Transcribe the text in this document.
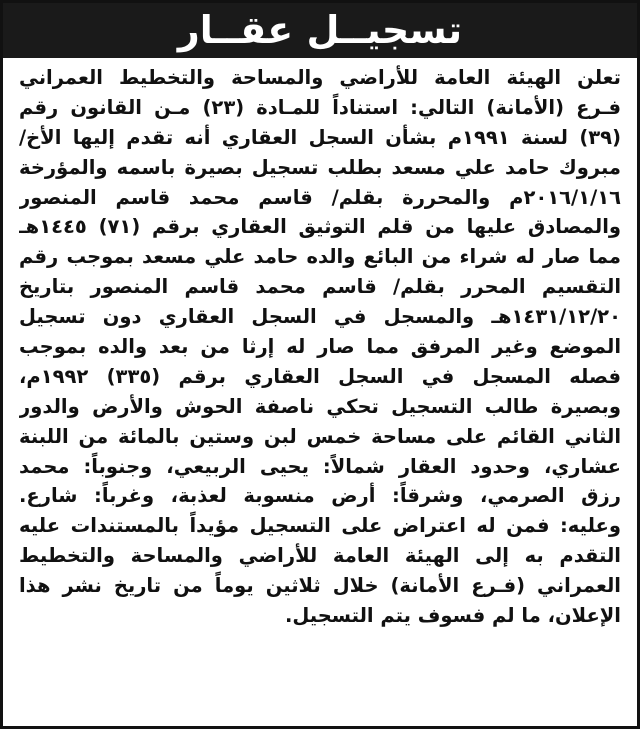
تسجيــل عقــار
تعلن الهيئة العامة للأراضي والمساحة والتخطيط العمراني
فـرع (الأمانة) التالي: استناداً للمـادة (٢٣) مـن القانون رقم
(٣٩) لسنة ١٩٩١م بشأن السجل العقاري أنه تقدم إليها الأخ/
مبروك حامد علي مسعد بطلب تسجيل بصيرة باسمه والمؤرخة
٢٠١٦/١/١٦م والمحررة بقلم/ قاسم محمد قاسم المنصور
والمصادق عليها من قلم التوثيق العقاري برقم (٧١) ١٤٤٥هـ
مما صار له شراء من البائع والده حامد علي مسعد بموجب رقم
التقسيم المحرر بقلم/ قاسم محمد قاسم المنصور بتاريخ
١٤٣١/١٢/٢٠هـ والمسجل في السجل العقاري دون تسجيل
الموضع وغير المرفق مما صار له إرثا من بعد والده بموجب
فصله المسجل في السجل العقاري برقم (٣٣٥) ١٩٩٢م،
وبصيرة طالب التسجيل تحكي ناصفة الحوش والأرض والدور
الثاني القائم على مساحة خمس لبن وستين بالمائة من اللبنة
عشاري، وحدود العقار شمالاً: يحيى الربيعي، وجنوباً: محمد
رزق الصرمي، وشرقاً: أرض منسوبة لعذبة، وغرباً: شارع.
وعليه: فمن له اعتراض على التسجيل مؤيداً بالمستندات عليه
التقدم به إلى الهيئة العامة للأراضي والمساحة والتخطيط
العمراني (فـرع الأمانة) خلال ثلاثين يوماً من تاريخ نشر هذا
الإعلان، ما لم فسوف يتم التسجيل.
